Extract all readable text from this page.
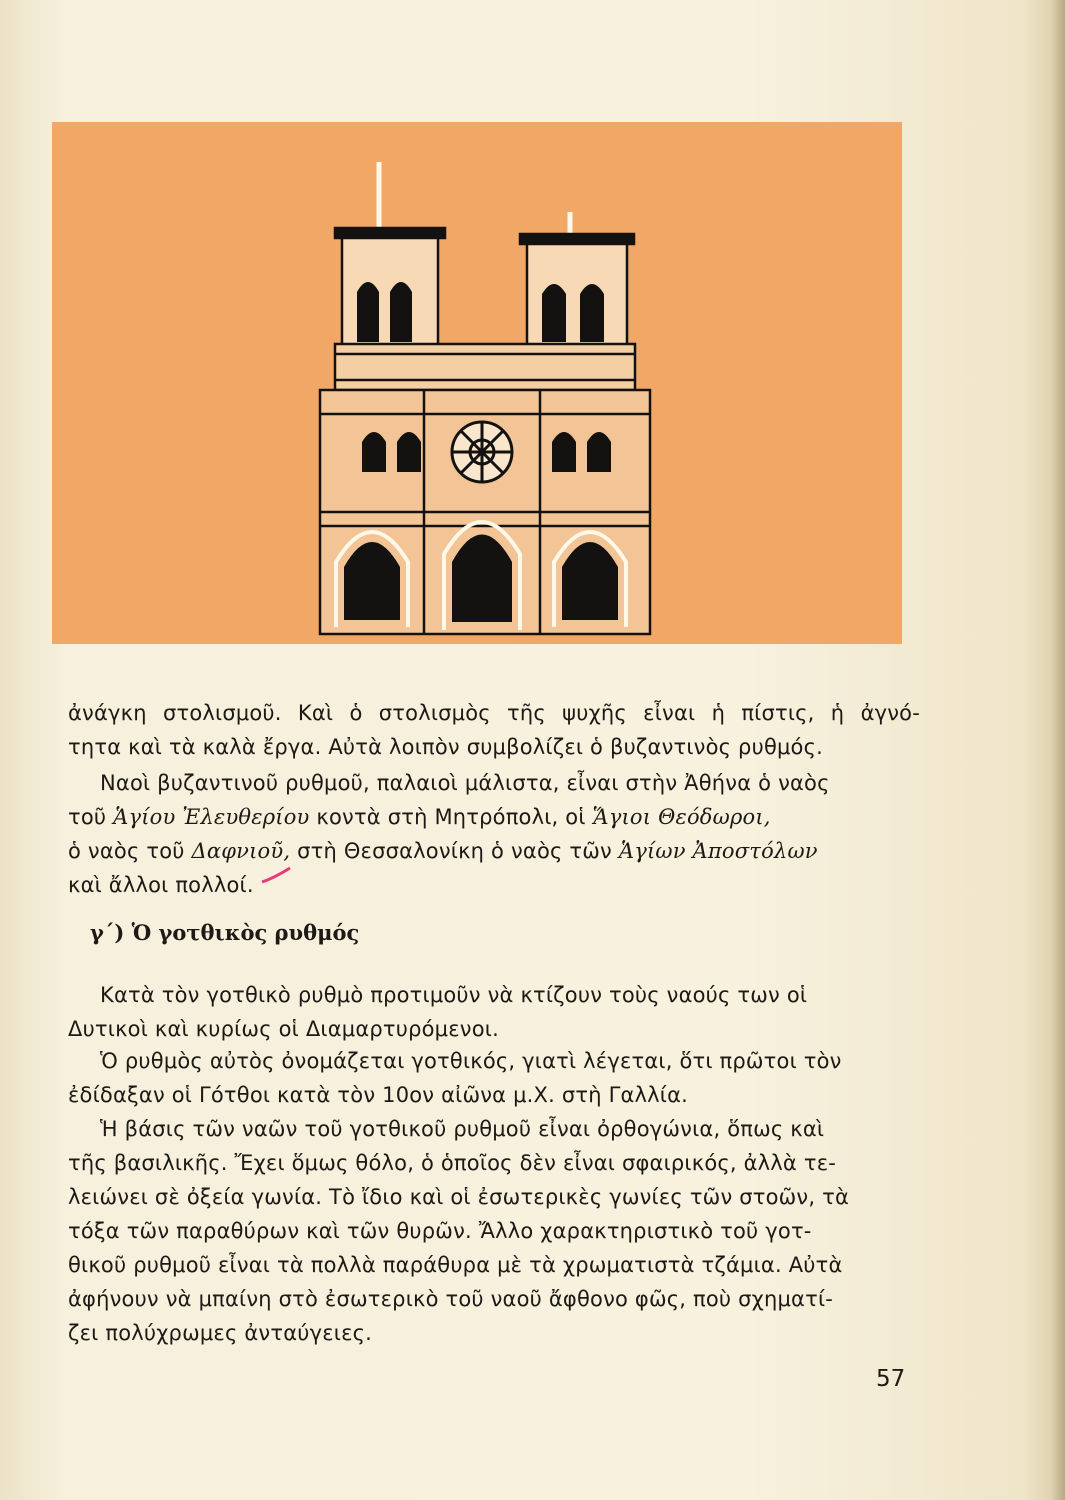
ἀνάγκη στολισμοῦ. Καὶ ὁ στολισμὸς τῆς ψυχῆς εἶναι ἡ πίστις, ἡ ἀγνό-
τητα καὶ τὰ καλὰ ἔργα. Αὐτὰ λοιπὸν συμβολίζει ὁ βυζαντινὸς ρυθμός.
Ναοὶ βυζαντινοῦ ρυθμοῦ, παλαιοὶ μάλιστα, εἶναι στὴν Ἀθήνα ὁ ναὸς
τοῦ Ἁγίου Ἐλευθερίου κοντὰ στὴ Μητρόπολι, οἱ Ἅγιοι Θεόδωροι,
ὁ ναὸς τοῦ Δαφνιοῦ, στὴ Θεσσαλονίκη ὁ ναὸς τῶν Ἁγίων Ἀποστόλων
καὶ ἄλλοι πολλοί.
γ΄) Ὁ γοτθικὸς ρυθμός
Κατὰ τὸν γοτθικὸ ρυθμὸ προτιμοῦν νὰ κτίζουν τοὺς ναούς των οἱ
Δυτικοὶ καὶ κυρίως οἱ Διαμαρτυρόμενοι.
Ὁ ρυθμὸς αὐτὸς ὀνομάζεται γοτθικός, γιατὶ λέγεται, ὅτι πρῶτοι τὸν
ἐδίδαξαν οἱ Γότθοι κατὰ τὸν 10ον αἰῶνα μ.Χ. στὴ Γαλλία.
Ἡ βάσις τῶν ναῶν τοῦ γοτθικοῦ ρυθμοῦ εἶναι ὀρθογώνια, ὅπως καὶ
τῆς βασιλικῆς. Ἔχει ὅμως θόλο, ὁ ὁποῖος δὲν εἶναι σφαιρικός, ἀλλὰ τε-
λειώνει σὲ ὀξεία γωνία. Τὸ ἴδιο καὶ οἱ ἐσωτερικὲς γωνίες τῶν στοῶν, τὰ
τόξα τῶν παραθύρων καὶ τῶν θυρῶν. Ἄλλο χαρακτηριστικὸ τοῦ γοτ-
θικοῦ ρυθμοῦ εἶναι τὰ πολλὰ παράθυρα μὲ τὰ χρωματιστὰ τζάμια. Αὐτὰ
ἀφήνουν νὰ μπαίνη στὸ ἐσωτερικὸ τοῦ ναοῦ ἄφθονο φῶς, ποὺ σχηματί-
ζει πολύχρωμες ἀνταύγειες.
57
